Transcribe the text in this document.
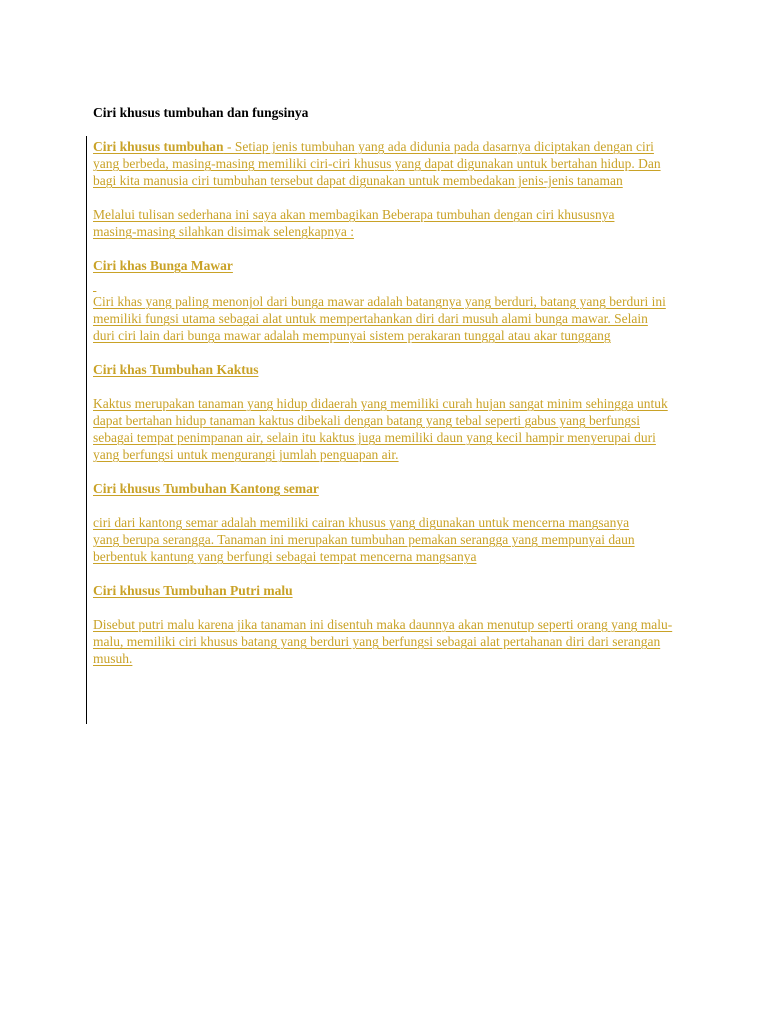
Ciri khusus tumbuhan dan fungsinya

Ciri khusus tumbuhan - Setiap jenis tumbuhan yang ada didunia pada dasarnya diciptakan dengan ciri yang berbeda, masing-masing memiliki ciri-ciri khusus yang dapat digunakan untuk bertahan hidup. Dan bagi kita manusia ciri tumbuhan tersebut dapat digunakan untuk membedakan jenis-jenis tanaman

Melalui tulisan sederhana ini saya akan membagikan Beberapa tumbuhan dengan ciri khususnya masing-masing silahkan disimak selengkapnya :

Ciri khas Bunga Mawar

Ciri khas yang paling menonjol dari bunga mawar adalah batangnya yang berduri, batang yang berduri ini memiliki fungsi utama sebagai alat untuk mempertahankan diri dari musuh alami bunga mawar. Selain duri ciri lain dari bunga mawar adalah mempunyai sistem perakaran tunggal atau akar tunggang

Ciri khas Tumbuhan Kaktus

Kaktus merupakan tanaman yang hidup didaerah yang memiliki curah hujan sangat minim sehingga untuk dapat bertahan hidup tanaman kaktus dibekali dengan batang yang tebal seperti gabus yang berfungsi sebagai tempat penimpanan air, selain itu kaktus juga memiliki daun yang kecil hampir menyerupai duri yang berfungsi untuk mengurangi jumlah penguapan air.

Ciri khusus Tumbuhan Kantong semar

ciri dari kantong semar adalah memiliki cairan khusus yang digunakan untuk mencerna mangsanya yang berupa serangga. Tanaman ini merupakan tumbuhan pemakan serangga yang mempunyai daun berbentuk kantung yang berfungi sebagai tempat mencerna mangsanya

Ciri khusus Tumbuhan Putri malu

Disebut putri malu karena jika tanaman ini disentuh maka daunnya akan menutup seperti orang yang malu-malu, memiliki ciri khusus batang yang berduri yang berfungsi sebagai alat pertahanan diri dari serangan musuh.
